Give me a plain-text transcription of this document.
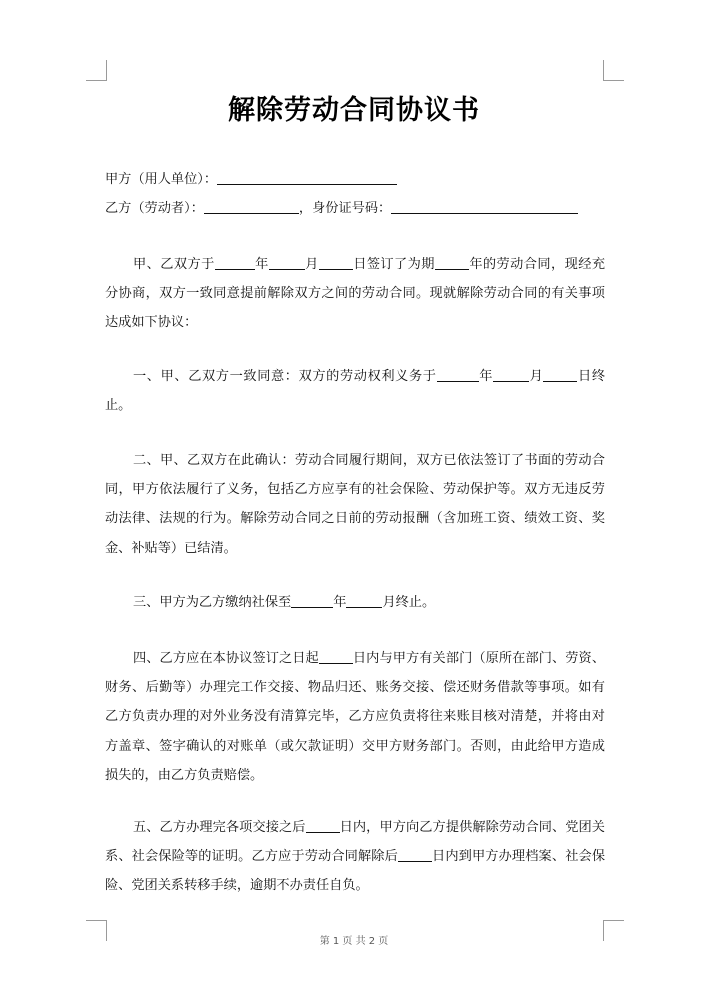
解除劳动合同协议书
甲方（用人单位）：
乙方（劳动者）：	，身份证号码：
甲、乙双方于	年	月	日签订了为期	年的劳动合同，现经充分协商，双方一致同意提前解除双方之间的劳动合同。现就解除劳动合同的有关事项达成如下协议：
一、甲、乙双方一致同意：双方的劳动权利义务于	年	月	日终止。
二、甲、乙双方在此确认：劳动合同履行期间，双方已依法签订了书面的劳动合同，甲方依法履行了义务，包括乙方应享有的社会保险、劳动保护等。双方无违反劳动法律、法规的行为。解除劳动合同之日前的劳动报酬（含加班工资、绩效工资、奖金、补贴等）已结清。
三、甲方为乙方缴纳社保至	年	月终止。
四、乙方应在本协议签订之日起	日内与甲方有关部门（原所在部门、劳资、财务、后勤等）办理完工作交接、物品归还、账务交接、偿还财务借款等事项。如有乙方负责办理的对外业务没有清算完毕，乙方应负责将往来账目核对清楚，并将由对方盖章、签字确认的对账单（或欠款证明）交甲方财务部门。否则，由此给甲方造成损失的，由乙方负责赔偿。
五、乙方办理完各项交接之后	日内，甲方向乙方提供解除劳动合同、党团关系、社会保险等的证明。乙方应于劳动合同解除后	日内到甲方办理档案、社会保险、党团关系转移手续，逾期不办责任自负。
第 1 页 共 2 页
